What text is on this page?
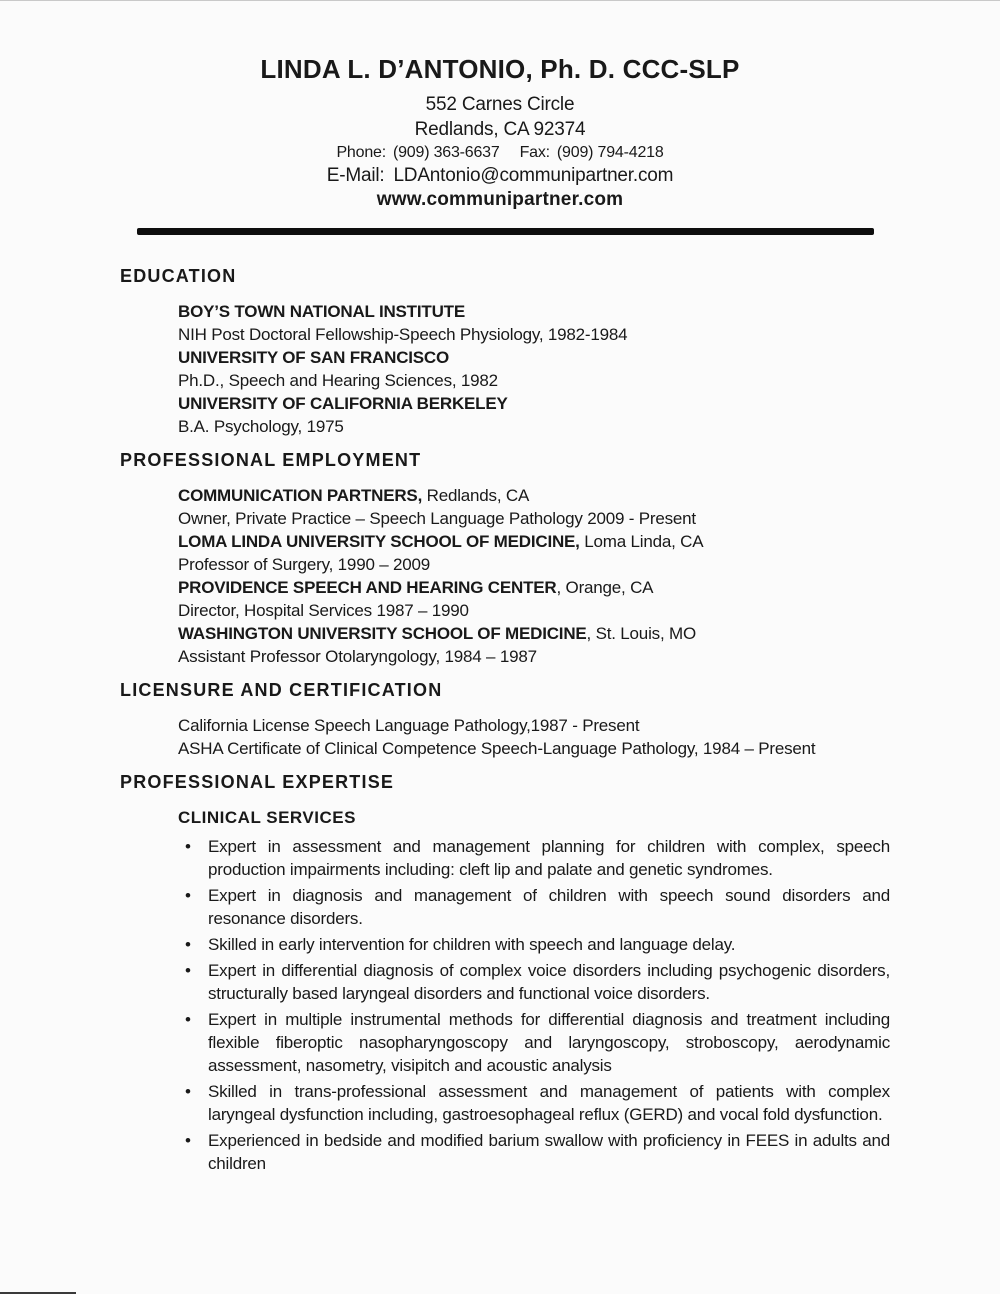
LINDA L. D’ANTONIO, Ph. D. CCC-SLP
552 Carnes Circle
Redlands, CA 92374
Phone: (909) 363-6637 Fax: (909) 794-4218
E-Mail: LDAntonio@communipartner.com
www.communipartner.com
EDUCATION
BOY’S TOWN NATIONAL INSTITUTE
NIH Post Doctoral Fellowship-Speech Physiology, 1982-1984
UNIVERSITY OF SAN FRANCISCO
Ph.D., Speech and Hearing Sciences, 1982
UNIVERSITY OF CALIFORNIA BERKELEY
B.A. Psychology, 1975
PROFESSIONAL EMPLOYMENT
COMMUNICATION PARTNERS, Redlands, CA
Owner, Private Practice – Speech Language Pathology 2009 - Present
LOMA LINDA UNIVERSITY SCHOOL OF MEDICINE, Loma Linda, CA
Professor of Surgery, 1990 – 2009
PROVIDENCE SPEECH AND HEARING CENTER, Orange, CA
Director, Hospital Services 1987 – 1990
WASHINGTON UNIVERSITY SCHOOL OF MEDICINE, St. Louis, MO
Assistant Professor Otolaryngology, 1984 – 1987
LICENSURE AND CERTIFICATION
California License Speech Language Pathology,1987 - Present
ASHA Certificate of Clinical Competence Speech-Language Pathology, 1984 – Present
PROFESSIONAL EXPERTISE
CLINICAL SERVICES
• Expert in assessment and management planning for children with complex, speech production impairments including: cleft lip and palate and genetic syndromes.
• Expert in diagnosis and management of children with speech sound disorders and resonance disorders.
• Skilled in early intervention for children with speech and language delay.
• Expert in differential diagnosis of complex voice disorders including psychogenic disorders, structurally based laryngeal disorders and functional voice disorders.
• Expert in multiple instrumental methods for differential diagnosis and treatment including flexible fiberoptic nasopharyngoscopy and laryngoscopy, stroboscopy, aerodynamic assessment, nasometry, visipitch and acoustic analysis
• Skilled in trans-professional assessment and management of patients with complex laryngeal dysfunction including, gastroesophageal reflux (GERD) and vocal fold dysfunction.
• Experienced in bedside and modified barium swallow with proficiency in FEES in adults and children
